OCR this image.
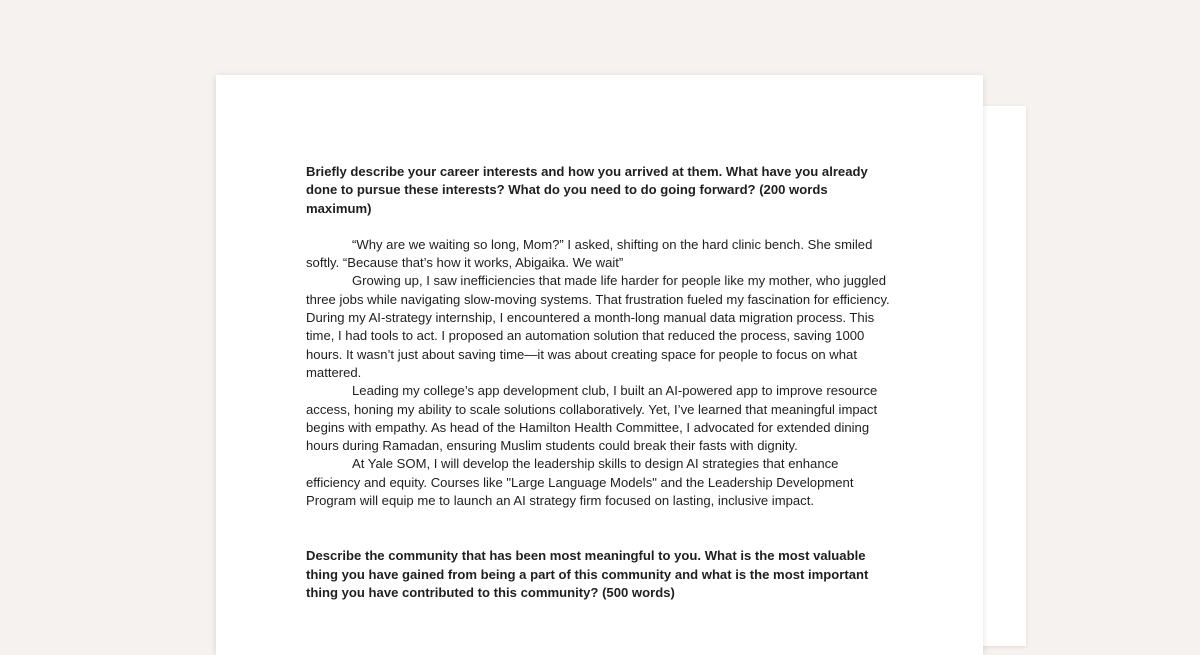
Briefly describe your career interests and how you arrived at them. What have you already done to pursue these interests? What do you need to do going forward? (200 words maximum)

“Why are we waiting so long, Mom?” I asked, shifting on the hard clinic bench. She smiled softly. “Because that’s how it works, Abigaika. We wait”

Growing up, I saw inefficiencies that made life harder for people like my mother, who juggled three jobs while navigating slow-moving systems. That frustration fueled my fascination for efficiency. During my AI-strategy internship, I encountered a month-long manual data migration process. This time, I had tools to act. I proposed an automation solution that reduced the process, saving 1000 hours. It wasn’t just about saving time—it was about creating space for people to focus on what mattered.

Leading my college’s app development club, I built an AI-powered app to improve resource access, honing my ability to scale solutions collaboratively. Yet, I’ve learned that meaningful impact begins with empathy. As head of the Hamilton Health Committee, I advocated for extended dining hours during Ramadan, ensuring Muslim students could break their fasts with dignity.

At Yale SOM, I will develop the leadership skills to design AI strategies that enhance efficiency and equity. Courses like "Large Language Models" and the Leadership Development Program will equip me to launch an AI strategy firm focused on lasting, inclusive impact.

Describe the community that has been most meaningful to you. What is the most valuable thing you have gained from being a part of this community and what is the most important thing you have contributed to this community? (500 words)
